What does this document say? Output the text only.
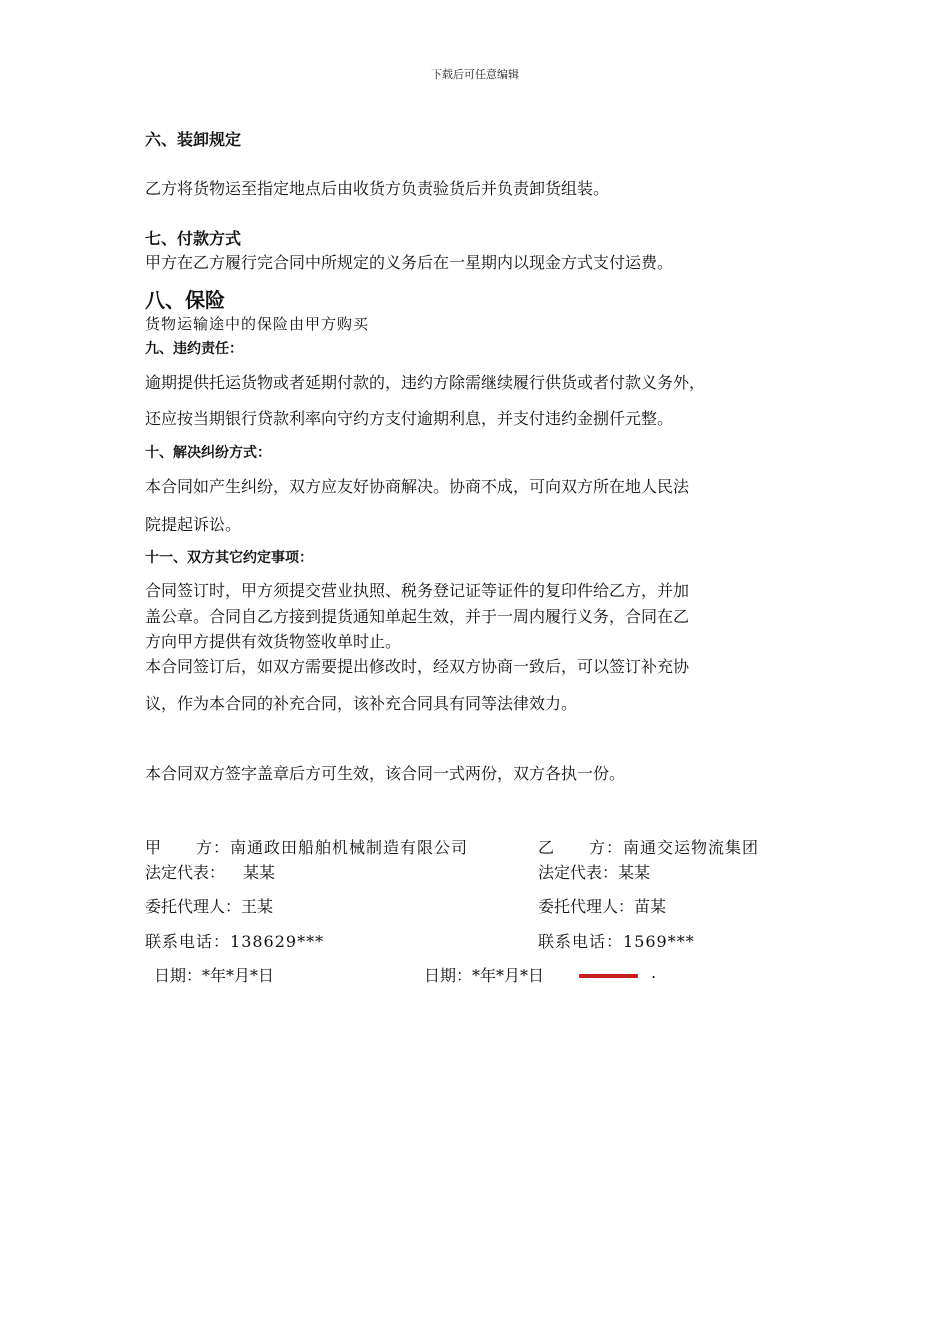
下载后可任意编辑
六、装卸规定
乙方将货物运至指定地点后由收货方负责验货后并负责卸货组装。
七、付款方式
甲方在乙方履行完合同中所规定的义务后在一星期内以现金方式支付运费。
八、保险
货物运输途中的保险由甲方购买
九、违约责任：
逾期提供托运货物或者延期付款的，违约方除需继续履行供货或者付款义务外，
还应按当期银行贷款利率向守约方支付逾期利息，并支付违约金捌仟元整。
十、解决纠纷方式：
本合同如产生纠纷，双方应友好协商解决。协商不成，可向双方所在地人民法
院提起诉讼。
十一、双方其它约定事项：
合同签订时，甲方须提交营业执照、税务登记证等证件的复印件给乙方，并加
盖公章。合同自乙方接到提货通知单起生效，并于一周内履行义务，合同在乙
方向甲方提供有效货物签收单时止。
本合同签订后，如双方需要提出修改时，经双方协商一致后，可以签订补充协
议，作为本合同的补充合同，该补充合同具有同等法律效力。
本合同双方签字盖章后方可生效，该合同一式两份，双方各执一份。
甲　　方：南通政田船舶机械制造有限公司
法定代表： 某某
委托代理人：王某
联系电话：138629***
日期：*年*月*日
乙　　方：南通交运物流集团
法定代表：某某
委托代理人：苗某
联系电话：1569***
日期：*年*月*日	.
